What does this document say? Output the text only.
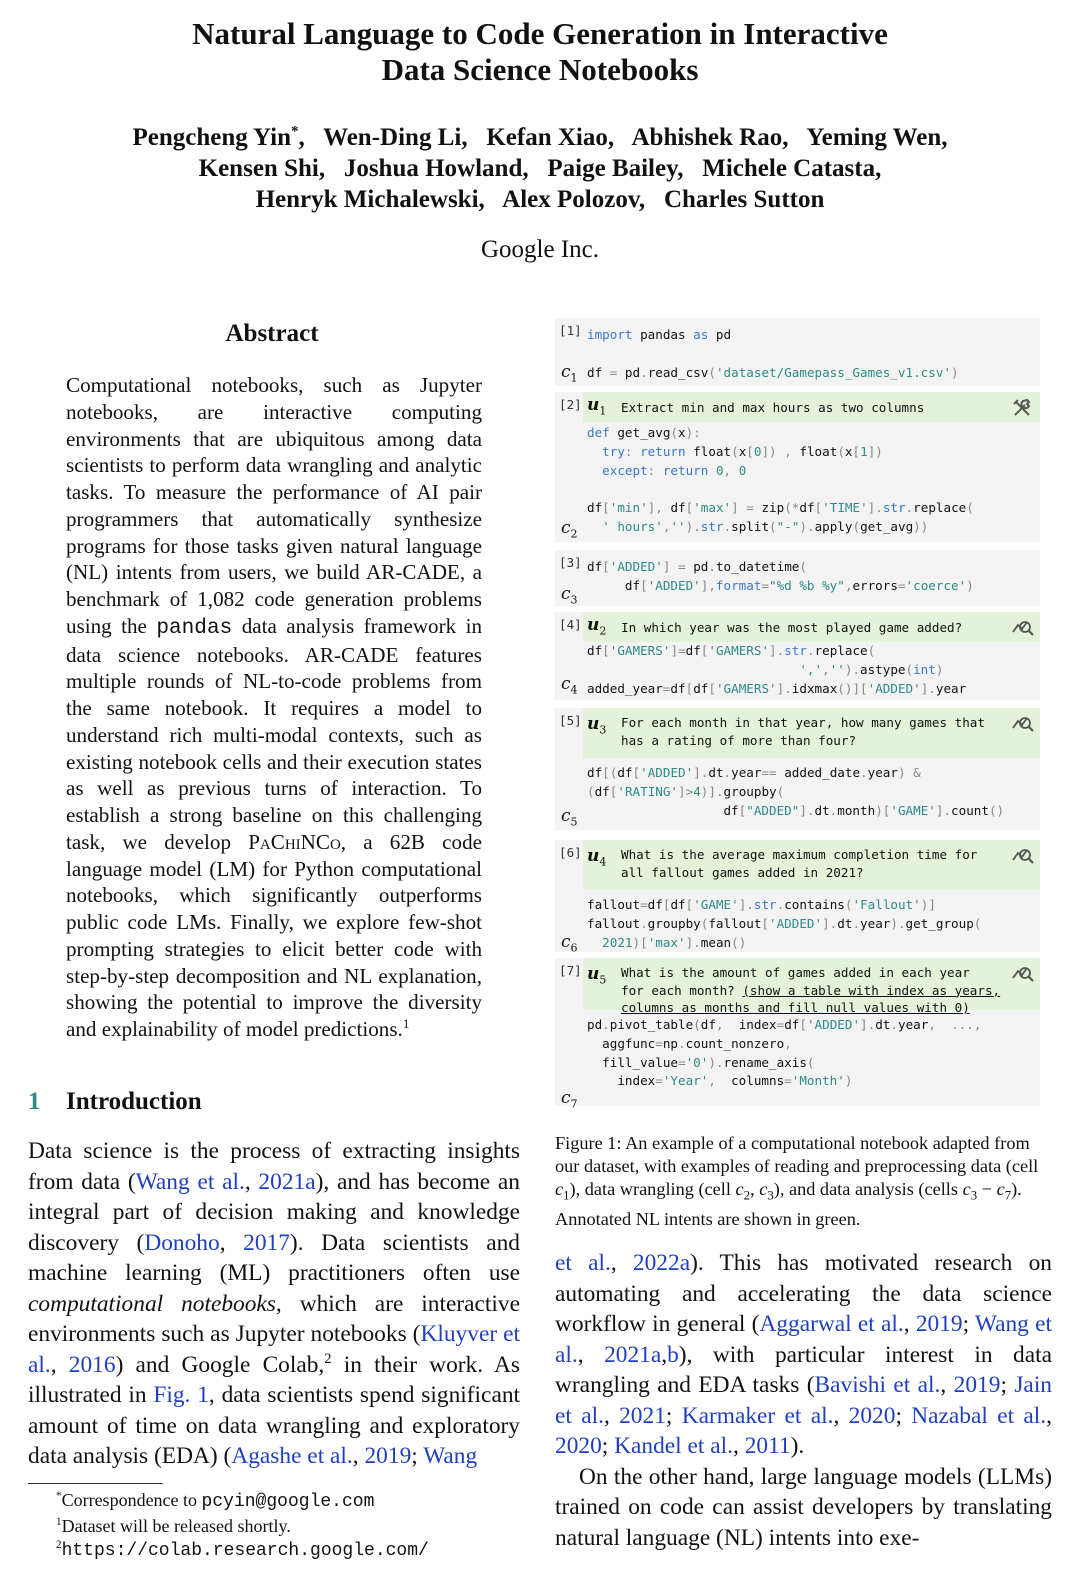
Natural Language to Code Generation in Interactive
Data Science Notebooks
Pengcheng Yin*, Wen-Ding Li, Kefan Xiao, Abhishek Rao, Yeming Wen,
Kensen Shi, Joshua Howland, Paige Bailey, Michele Catasta,
Henryk Michalewski, Alex Polozov, Charles Sutton
Google Inc.
Abstract
Computational notebooks, such as Jupyter notebooks, are interactive computing environments that are ubiquitous among data scientists to perform data wrangling and analytic tasks. To measure the performance of AI pair programmers that automatically synthesize programs for those tasks given natural language (NL) intents from users, we build AR-CADE, a benchmark of 1,082 code generation problems using the pandas data analysis framework in data science notebooks. AR-CADE features multiple rounds of NL-to-code problems from the same notebook. It requires a model to understand rich multi-modal contexts, such as existing notebook cells and their execution states as well as previous turns of interaction. To establish a strong baseline on this challenging task, we develop PaChiNCo, a 62B code language model (LM) for Python computational notebooks, which significantly outperforms public code LMs. Finally, we explore few-shot prompting strategies to elicit better code with step-by-step decomposition and NL explanation, showing the potential to improve the diversity and explainability of model predictions.$^1$
1 Introduction
Data science is the process of extracting insights from data (Wang et al., 2021a), and has become an integral part of decision making and knowledge discovery (Donoho, 2017). Data scientists and machine learning (ML) practitioners often use computational notebooks, which are interactive environments such as Jupyter notebooks (Kluyver et al., 2016) and Google Colab,$^2$ in their work. As illustrated in Fig. 1, data scientists spend significant amount of time on data wrangling and exploratory data analysis (EDA) (Agashe et al., 2019; Wang
*Correspondence to pcyin@google.com
$^1$Dataset will be released shortly.
$^2$https://colab.research.google.com/
[1] import pandas as pd

df = pd.read_csv('dataset/Gamepass_Games_v1.csv')
$c_1$
$u_1$ Extract min and max hours as two columns
[2]
def get_avg(x):
try: return float(x[0]) , float(x[1])
except: return 0, 0

df['min'], df['max'] = zip(*df['TIME'].str.replace(
' hours','').str.split("-").apply(get_avg))
$c_2$
[3] df['ADDED'] = pd.to_datetime(
df['ADDED'],format="%d %b %y",errors='coerce')
$c_3$
$u_2$ In which year was the most played game added?
[4]
df['GAMERS']=df['GAMERS'].str.replace(
',','').astype(int)
added_year=df[df['GAMERS'].idxmax()]['ADDED'].year
$c_4$
$u_3$ For each month in that year, how many games that
has a rating of more than four?
[5]
df[(df['ADDED'].dt.year== added_date.year) &
(df['RATING']>4)].groupby(
df["ADDED"].dt.month)['GAME'].count()
$c_5$
$u_4$ What is the average maximum completion time for
all fallout games added in 2021?
[6]
fallout=df[df['GAME'].str.contains('Fallout')]
fallout.groupby(fallout['ADDED'].dt.year).get_group(
2021)['max'].mean()
$c_6$
$u_5$ What is the amount of games added in each year
for each month? (show a table with index as years,
columns as months and fill null values with 0)
[7]
pd.pivot_table(df,  index=df['ADDED'].dt.year,  ...,
aggfunc=np.count_nonzero,
fill_value='0').rename_axis(
index='Year',  columns='Month')
$c_7$
Figure 1: An example of a computational notebook adapted from our dataset, with examples of reading and preprocessing data (cell $c_1$), data wrangling (cell $c_2$, $c_3$), and data analysis (cells $c_3 - c_7$). Annotated NL intents are shown in green.

et al., 2022a). This has motivated research on automating and accelerating the data science workflow in general (Aggarwal et al., 2019; Wang et al., 2021a,b), with particular interest in data wrangling and EDA tasks (Bavishi et al., 2019; Jain et al., 2021; Karmaker et al., 2020; Nazabal et al., 2020; Kandel et al., 2011).

On the other hand, large language models (LLMs) trained on code can assist developers by translating natural language (NL) intents into exe-
